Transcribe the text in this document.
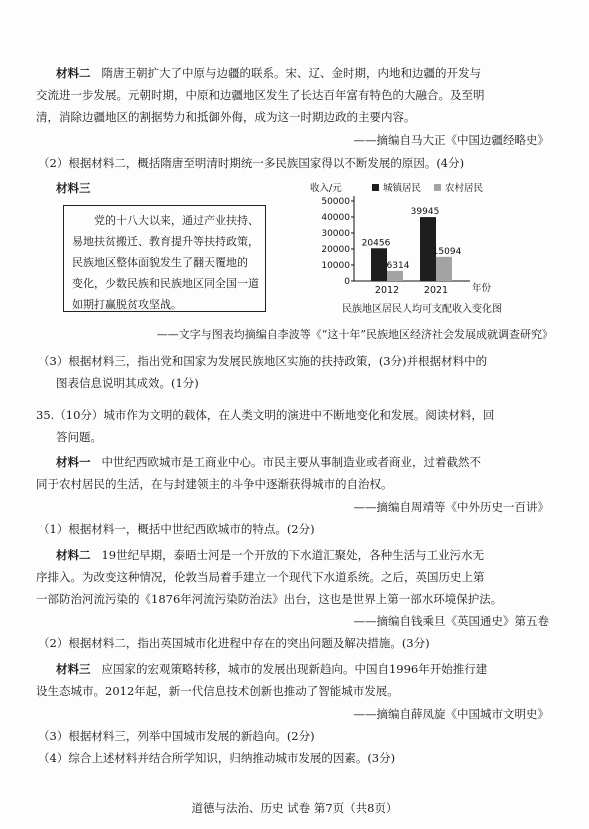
材料二 隋唐王朝扩大了中原与边疆的联系。宋、辽、金时期，内地和边疆的开发与
交流进一步发展。元朝时期，中原和边疆地区发生了长达百年富有特色的大融合。及至明
清，消除边疆地区的割据势力和抵御外侮，成为这一时期边政的主要内容。
——摘编自马大正《中国边疆经略史》
（2）根据材料二，概括隋唐至明清时期统一多民族国家得以不断发展的原因。(4分)
材料三

党的十八大以来，通过产业扶持、

易地扶贫搬迁、教育提升等扶持政策，

民族地区整体面貌发生了翻天覆地的

变化，少数民族和民族地区同全国一道

如期打赢脱贫攻坚战。

收入/元	城镇居民	农村居民
0
10000
20000
30000
40000
50000
20456
6314
39945
15094
2012	2021	年份
民族地区居民人均可支配收入变化图
——文字与图表均摘编自李波等《“这十年”民族地区经济社会发展成就调查研究》
（3）根据材料三，指出党和国家为发展民族地区实施的扶持政策，(3分)并根据材料中的
图表信息说明其成效。(1分)
35.（10分）城市作为文明的载体，在人类文明的演进中不断地变化和发展。阅读材料，回
答问题。
材料一 中世纪西欧城市是工商业中心。市民主要从事制造业或者商业，过着截然不
同于农村居民的生活，在与封建领主的斗争中逐渐获得城市的自治权。
——摘编自周靖等《中外历史一百讲》
（1）根据材料一，概括中世纪西欧城市的特点。(2分)
材料二 19世纪早期，泰晤士河是一个开放的下水道汇聚处，各种生活与工业污水无
序排入。为改变这种情况，伦敦当局着手建立一个现代下水道系统。之后，英国历史上第
一部防治河流污染的《1876年河流污染防治法》出台，这也是世界上第一部水环境保护法。
——摘编自钱乘旦《英国通史》第五卷
（2）根据材料二，指出英国城市化进程中存在的突出问题及解决措施。(3分)
材料三 应国家的宏观策略转移，城市的发展出现新趋向。中国自1996年开始推行建
设生态城市。2012年起，新一代信息技术创新也推动了智能城市发展。
——摘编自薛凤旋《中国城市文明史》
（3）根据材料三，列举中国城市发展的新趋向。(2分)
（4）综合上述材料并结合所学知识，归纳推动城市发展的因素。(3分)
道德与法治、历史 试卷 第7页（共8页）
